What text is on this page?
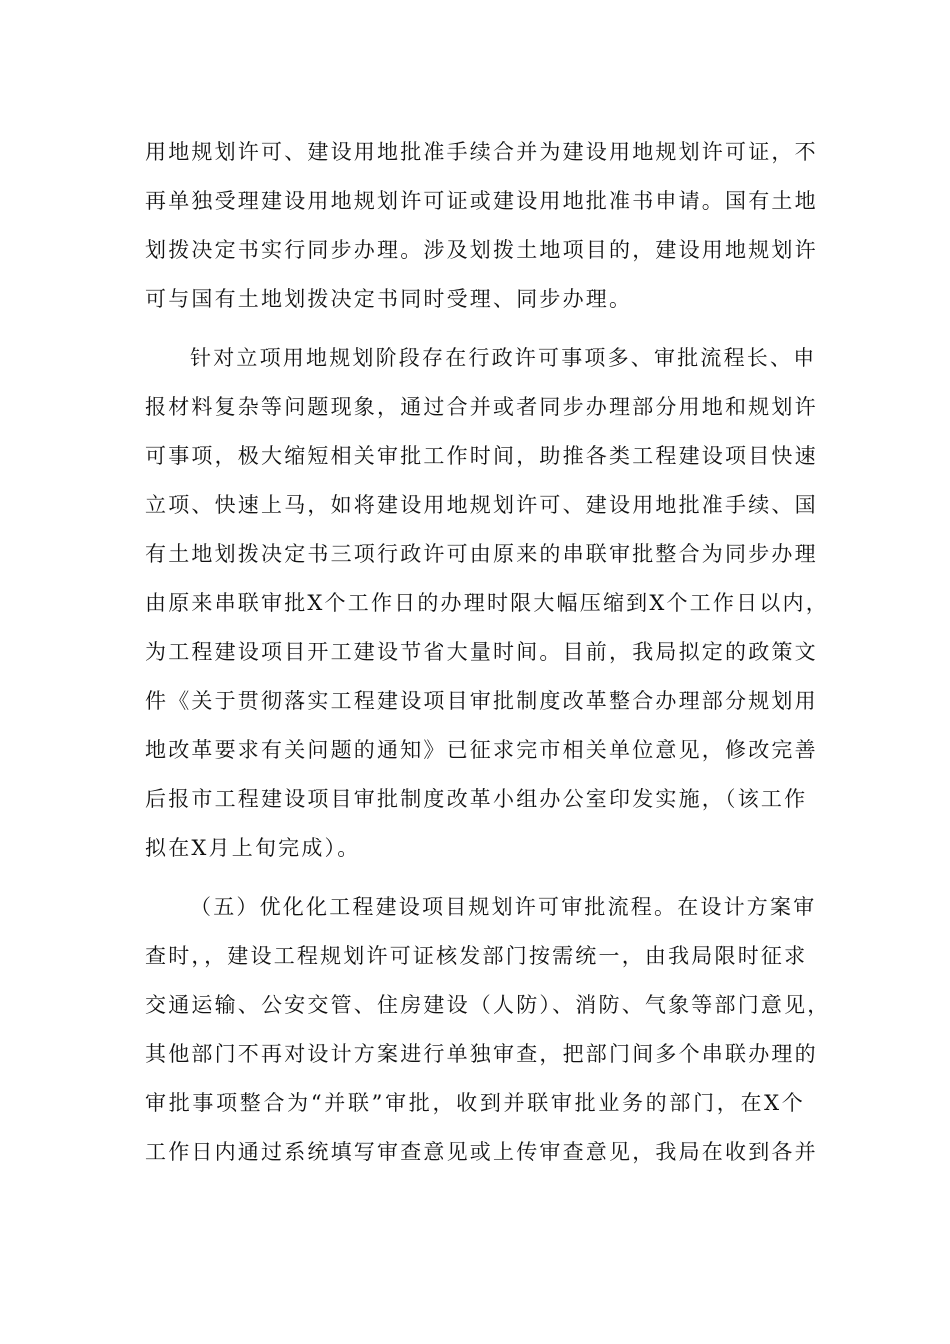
用地规划许可、建设用地批准手续合并为建设用地规划许可证，不
再单独受理建设用地规划许可证或建设用地批准书申请。国有土地
划拨决定书实行同步办理。涉及划拨土地项目的，建设用地规划许
可与国有土地划拨决定书同时受理、同步办理。
针对立项用地规划阶段存在行政许可事项多、审批流程长、申
报材料复杂等问题现象，通过合并或者同步办理部分用地和规划许
可事项，极大缩短相关审批工作时间，助推各类工程建设项目快速
立项、快速上马，如将建设用地规划许可、建设用地批准手续、国
有土地划拨决定书三项行政许可由原来的串联审批整合为同步办理
由原来串联审批X个工作日的办理时限大幅压缩到X个工作日以内，
为工程建设项目开工建设节省大量时间。目前，我局拟定的政策文
件《关于贯彻落实工程建设项目审批制度改革整合办理部分规划用
地改革要求有关问题的通知》已征求完市相关单位意见，修改完善
后报市工程建设项目审批制度改革小组办公室印发实施，（该工作
拟在X月上旬完成）。
（五）优化化工程建设项目规划许可审批流程。在设计方案审
查时，，建设工程规划许可证核发部门按需统一，由我局限时征求
交通运输、公安交管、住房建设（人防）、消防、气象等部门意见，
其他部门不再对设计方案进行单独审查，把部门间多个串联办理的
审批事项整合为“并联”审批，收到并联审批业务的部门，在X个
工作日内通过系统填写审查意见或上传审查意见，我局在收到各并
